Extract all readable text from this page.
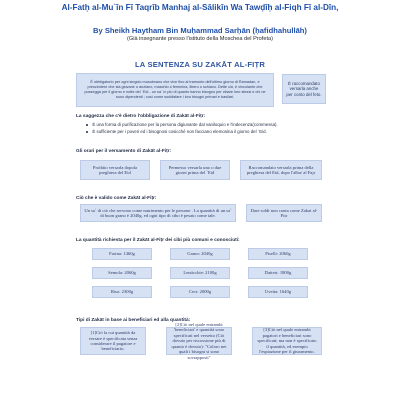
Al-Fatḥ al-Mu`īn Fī Taqrīb Manhaj al-Sālikīn Wa Tawḍīḥ al-Fiqh Fī al-Dīn,
By Sheikh Haytham Bin Muḥammad Sarḥān (ḥafidhahullāh)
(Già insegnante presso l'istituto della Moschea del Profeta)
LA SENTENZA SU ZAKĀT AL-FIṬR
È obbligatorio per ogni singolo musulmano che vive fino al tramonto dell'ultimo giorno di Ramadan, e prescindere che sia giovane o anziano, maschio o femmina, libero o schiavo. Dette ciò, è vincolante che possegga per il giorno e notte del `Eid - un sa` in più di quanto hanno bisogno per cibare loro stessi e chi ne sono dipendenti ; così come soddisfare i loro bisogni primari e basilari.
È raccomandato versarla anche per conto del feto.
La saggezza che c'è dietro l'obbligazione di Zakāt al-Fiṭr:
È una forma di purificazione per la persona digiunante dal vaniloquio e l'indecenza(commessa).
È sufficiente per i poveri ed i bisognosi cosicché non facciano elemosina il giorno del `Eid.
Gli orari per il versamento di Zakāt al-Fiṭr:
Proibito versarla dopola preghiera del Eid
Permesso versarla uno o due giorni prima del `Eid
Raccomandato versarla prima della preghiera del Eid, dopo l'alba/ al Fajr
Ciò che è valido come Zakāt al-Fiṭr:
Un sa` di ciò che servono come nutrimento per le persone . La quantità di un sa` di buon grano è 2040g, ed ogni tipo di cibo è pesato come tale.
Dare soldi non conta come Zakat al-Fitr
La quantità richiesta per il Zakāt al-Fiṭr dei cibi più comuni e conosciuti:
Farina: 1460g	Grano: 2040g	Piselli: 2060g
Semola: 2060g	Lenticchie: 2100g	Datteri: 1800g
Riso: 2300g	Ceci: 2000g	Uvetta: 1640g
Tipi di Zakāt in base ai beneficiari ed alla quantità:
[1]Ciò la cui quantità da versare è specificata senza considerare il pagatore e beneficiario.
[2]Ciò nel quale entrambi 'beneficiari' e quantità sono specificati nel versetto (Ciò dovuto per riscossione più di quanto è dovuto): "Coloro nei quali i bisogni si sono sovrapposti"
[3]Ciò nel quale entrambi pagatori e beneficiari sono specificati; ma non è specificato il quantità, ed esempio l'espiazione per il giuramento.
